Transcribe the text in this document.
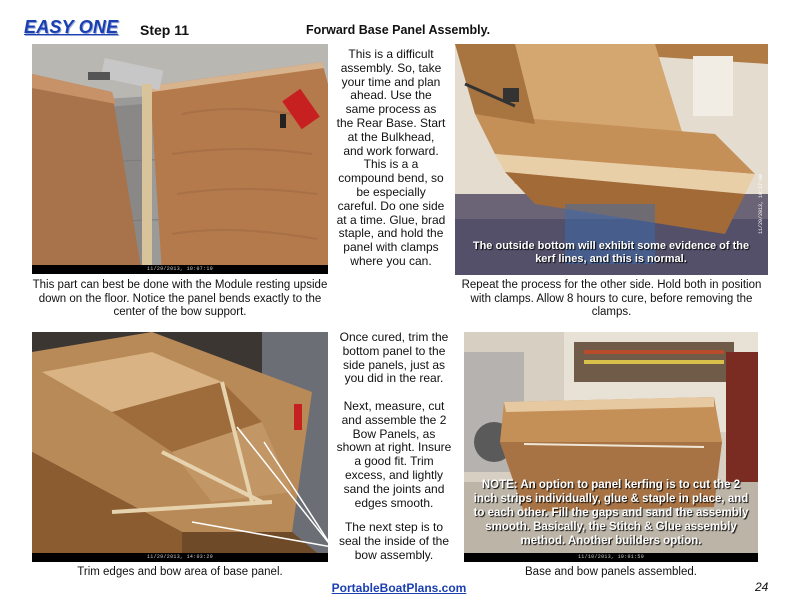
EASY ONE Step 11	Forward Base Panel Assembly.
11/29/2013, 10:07:19
11/29/2013, 10:17:00
The outside bottom will exhibit some evidence of the kerf lines, and this is normal.
This is a difficult assembly. So, take your time and plan ahead. Use the same process as the Rear Base. Start at the Bulkhead, and work forward. This is a a compound bend, so be especially careful. Do one side at a time. Glue, brad staple, and hold the panel with clamps where you can.
This part can best be done with the Module resting upside down on the floor. Notice the panel bends exactly to the center of the bow support.
Repeat the process for the other side. Hold both in position with clamps. Allow 8 hours to cure, before removing the clamps.
11/29/2013, 14:03:29
NOTE: An option to panel kerfing is to cut the 2 inch strips individually, glue & staple in place, and to each other. Fill the gaps and sand the assembly smooth. Basically, the Stitch & Glue assembly method. Another builders option.
11/10/2013, 10:01:50
Once cured, trim the bottom panel to the side panels, just as you did in the rear.
Next, measure, cut and assemble the 2 Bow Panels, as shown at right. Insure a good fit. Trim excess, and lightly sand the joints and edges smooth.
The next step is to seal the inside of the bow assembly.
Trim edges and bow area of base panel.	Base and bow panels assembled.
PortableBoatPlans.com	24
